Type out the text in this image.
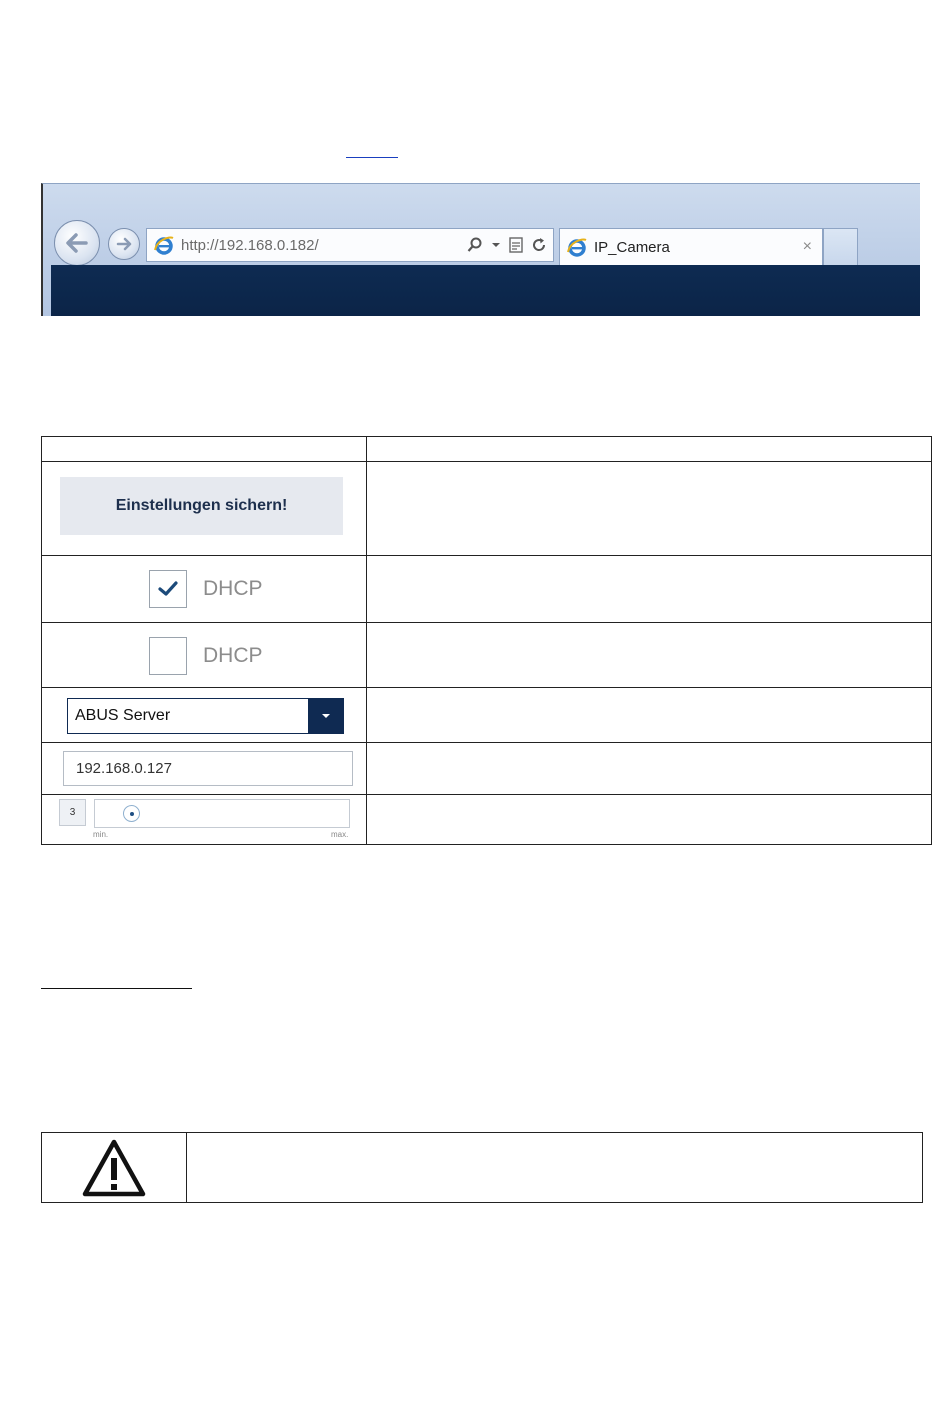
http://192.168.0.182/	IP_Camera	×

Einstellungen sichern!	

DHCP	

DHCP	

ABUS Server	

192.168.0.127	

3
min. max.	
